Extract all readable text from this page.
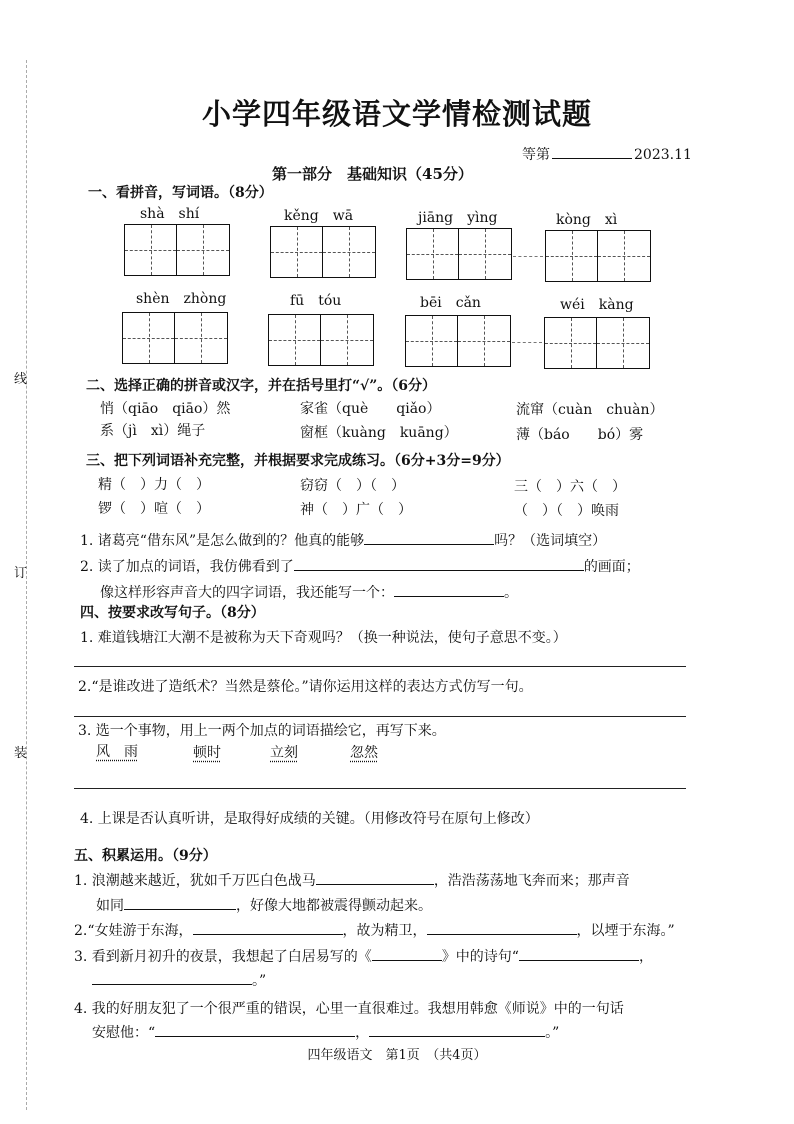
线
订
装
小学四年级语文学情检测试题
等第	2023.11
第一部分　基础知识（45分）
一、看拼音，写词语。（8分）
shà　shí	kěng　wā	jiāng　yìng	kòng　xì
shèn　zhòng	fū　tóu	bēi　cǎn	wéi　kàng
二、选择正确的拼音或汉字，并在括号里打“√”。（6分）
悄（qiāo　qiāo）然	家雀（què　　qiǎo）	流窜（cuàn　chuàn）
系（jì　xì）绳子	窗框（kuàng　kuāng）	薄（báo　　bó）雾
三、把下列词语补充完整，并根据要求完成练习。（6分+3分=9分）
精（　）力（　）	窃窃（　）（　）	三（　）六（　）
锣（　）喧（　）	神（　）广（　）	（　）（　）唤雨
1. 诸葛亮“借东风”是怎么做到的？他真的能够	吗？（选词填空）
2. 读了加点的词语，我仿佛看到了	的画面；
像这样形容声音大的四字词语，我还能写一个：	。
四、按要求改写句子。（8分）
1. 难道钱塘江大潮不是被称为天下奇观吗？（换一种说法，使句子意思不变。）
2.“是谁改进了造纸术？当然是蔡伦。”请你运用这样的表达方式仿写一句。
3. 选一个事物，用上一两个加点的词语描绘它，再写下来。
风　雨	顿时	立刻	忽然
4. 上课是否认真听讲，是取得好成绩的关键。（用修改符号在原句上修改）
五、积累运用。（9分）
1. 浪潮越来越近，犹如千万匹白色战马	，浩浩荡荡地飞奔而来；那声音
如同	，好像大地都被震得颤动起来。
2.“女娃游于东海，	，故为精卫，	，以堙于东海。”
3. 看到新月初升的夜景，我想起了白居易写的《	》中的诗句“	，
。”
4. 我的好朋友犯了一个很严重的错误，心里一直很难过。我想用韩愈《师说》中的一句话
安慰他：“	，	。”
四年级语文　第1页　（共4页）
